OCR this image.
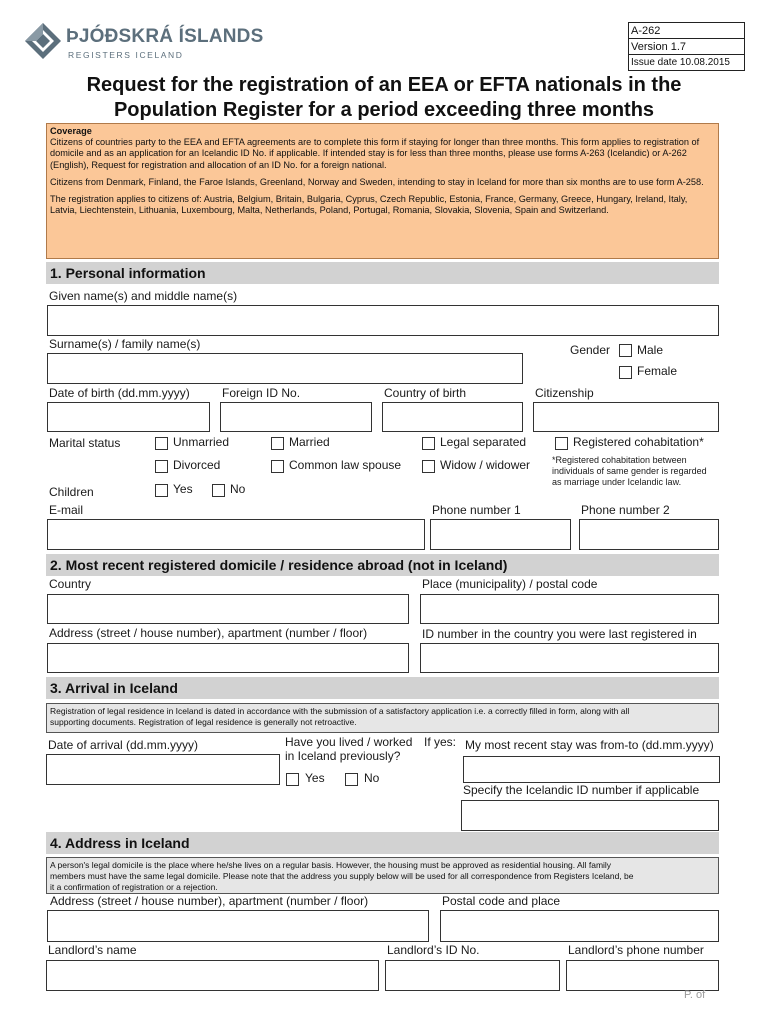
ÞJÓÐSKRÁ ÍSLANDS
REGISTERS ICELAND
A-262
Version 1.7
Issue date 10.08.2015
Request for the registration of an EEA or EFTA nationals in the
Population Register for a period exceeding three months
Coverage
Citizens of countries party to the EEA and EFTA agreements are to complete this form if staying for longer than three months. This form applies to registration of domicile and as an application for an Icelandic ID No. if applicable. If intended stay is for less than three months, please use forms A-263 (Icelandic) or A-262 (English), Request for registration and allocation of an ID No. for a foreign national.
Citizens from Denmark, Finland, the Faroe Islands, Greenland, Norway and Sweden, intending to stay in Iceland for more than six months are to use form A-258.
The registration applies to citizens of: Austria, Belgium, Britain, Bulgaria, Cyprus, Czech Republic, Estonia, France, Germany, Greece, Hungary, Ireland, Italy, Latvia, Liechtenstein, Lithuania, Luxembourg, Malta, Netherlands, Poland, Portugal, Romania, Slovakia, Slovenia, Spain and Switzerland.
1. Personal information
Given name(s) and middle name(s)
Surname(s) / family name(s)	Gender Male
Female
Date of birth (dd.mm.yyyy)	Foreign ID No.	Country of birth	Citizenship
Marital status	Unmarried	Married	Legal separated	Registered cohabitation*
Divorced	Common law spouse	Widow / widower *Registered cohabitation between individuals of same gender is regarded as marriage under Icelandic law.
Children	Yes	No
E-mail	Phone number 1	Phone number 2
2. Most recent registered domicile / residence abroad (not in Iceland)
Country	Place (municipality) / postal code
Address (street / house number), apartment (number / floor)	ID number in the country you were last registered in
3. Arrival in Iceland
Registration of legal residence in Iceland is dated in accordance with the submission of a satisfactory application i.e. a correctly filled in form, along with all
supporting documents. Registration of legal residence is generally not retroactive.
Date of arrival (dd.mm.yyyy)	Have you lived / worked
in Iceland previously?
Yes	No
If yes: My most recent stay was from-to (dd.mm.yyyy)
Specify the Icelandic ID number if applicable
4. Address in Iceland
A person's legal domicile is the place where he/she lives on a regular basis. However, the housing must be approved as residential housing. All family
members must have the same legal domicile. Please note that the address you supply below will be used for all correspondence from Registers Iceland, be
it a confirmation of registration or a rejection.
Address (street / house number), apartment (number / floor)	Postal code and place
Landlord’s name	Landlord’s ID No.	Landlord’s phone number
P. of
